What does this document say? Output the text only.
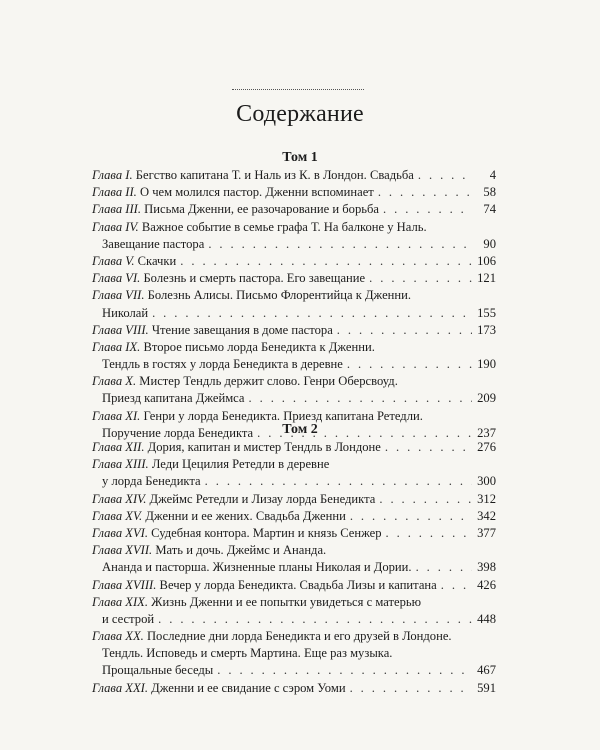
Содержание
Том 1
Глава I. Бегство капитана Т. и Наль из К. в Лондон. Свадьба . . .	4
Глава II. О чем молился пастор. Дженни вспоминает . . .	58
Глава III. Письма Дженни, ее разочарование и борьба . . .	74
Глава IV. Важное событие в семье графа Т. На балконе у Наль.
Завещание пастора . . .	90
Глава V. Скачки . . .	106
Глава VI. Болезнь и смерть пастора. Его завещание . . .	121
Глава VII. Болезнь Алисы. Письмо Флорентийца к Дженни.
Николай . . .	155
Глава VIII. Чтение завещания в доме пастора . . .	173
Глава IX. Второе письмо лорда Бенедикта к Дженни.
Тендль в гостях у лорда Бенедикта в деревне . . .	190
Глава X. Мистер Тендль держит слово. Генри Оберсвоуд.
Приезд капитана Джеймса . . .	209
Глава XI. Генри у лорда Бенедикта. Приезд капитана Ретедли.
Поручение лорда Бенедикта . . .	237
Том 2
Глава XII. Дория, капитан и мистер Тендль в Лондоне . . .	276
Глава XIII. Леди Цецилия Ретедли в деревне
у лорда Бенедикта . . .	300
Глава XIV. Джеймс Ретедли и Лизау лорда Бенедикта . . .	312
Глава XV. Дженни и ее жених. Свадьба Дженни . . .	342
Глава XVI. Судебная контора. Мартин и князь Сенжер . . .	377
Глава XVII. Мать и дочь. Джеймс и Ананда.
Ананда и пасторша. Жизненные планы Николая и Дории. . . .	398
Глава XVIII. Вечер у лорда Бенедикта. Свадьба Лизы и капитана . . .	426
Глава XIX. Жизнь Дженни и ее попытки увидеться с матерью
и сестрой . . .	448
Глава XX. Последние дни лорда Бенедикта и его друзей в Лондоне.
Тендль. Исповедь и смерть Мартина. Еще раз музыка.
Прощальные беседы . . .	467
Глава XXI. Дженни и ее свидание с сэром Уоми . . .	591
